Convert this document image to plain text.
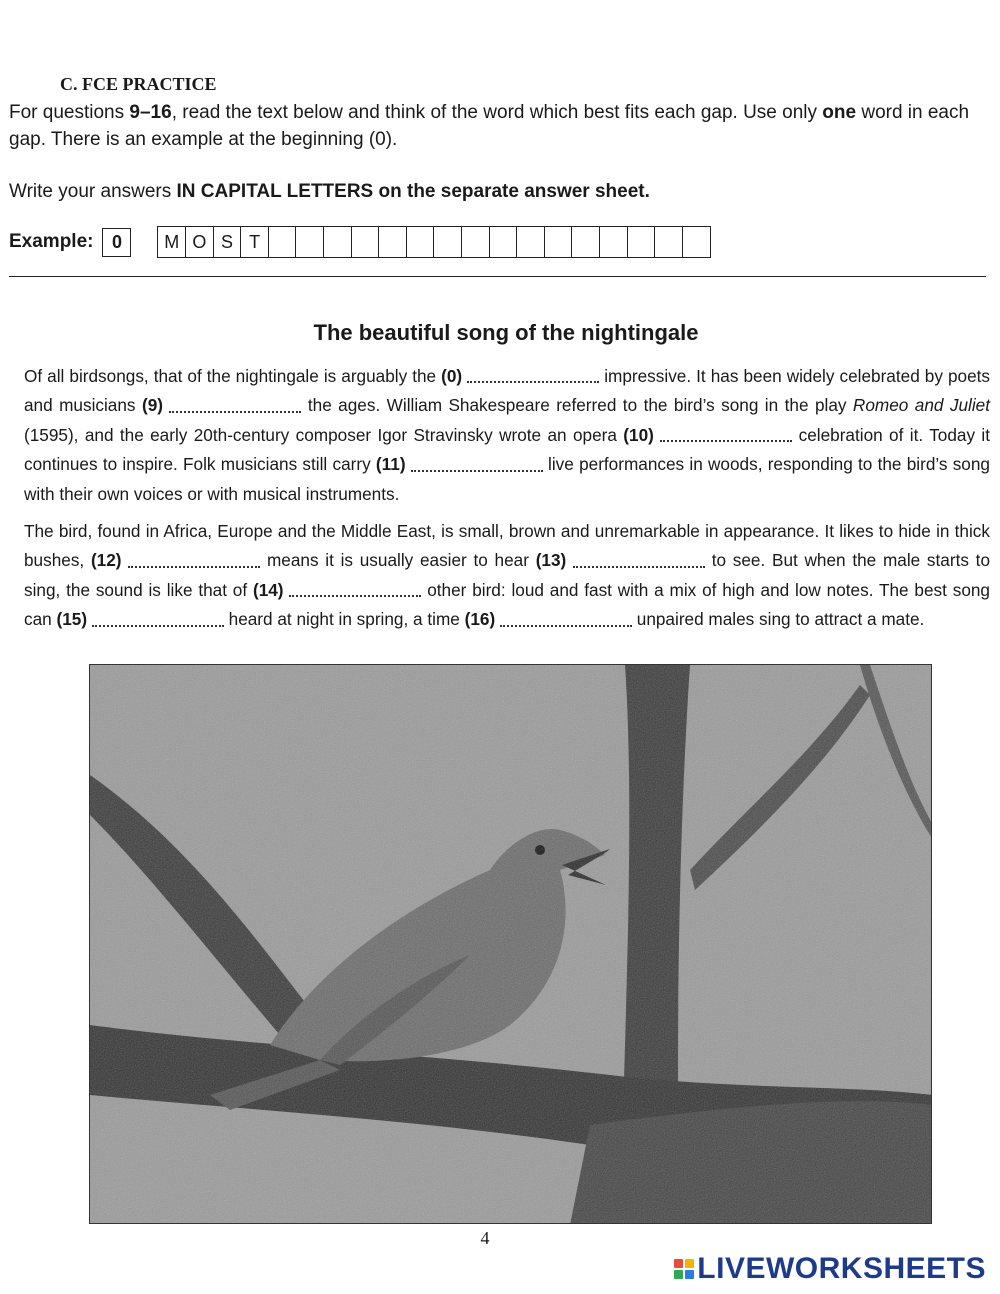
C. FCE PRACTICE
For questions 9–16, read the text below and think of the word which best fits each gap. Use only one word in each gap. There is an example at the beginning (0).
Write your answers IN CAPITAL LETTERS on the separate answer sheet.
Example:	0	M O S T
The beautiful song of the nightingale
Of all birdsongs, that of the nightingale is arguably the (0)	impressive. It has been widely celebrated by poets and musicians (9)	the ages. William Shakespeare referred to the bird’s song in the play Romeo and Juliet (1595), and the early 20th-century composer Igor Stravinsky wrote an opera (10)	celebration of it. Today it continues to inspire. Folk musicians still carry (11)	live performances in woods, responding to the bird’s song with their own voices or with musical instruments.
The bird, found in Africa, Europe and the Middle East, is small, brown and unremarkable in appearance. It likes to hide in thick bushes, (12)	means it is usually easier to hear (13)	to see. But when the male starts to sing, the sound is like that of (14)	other bird: loud and fast with a mix of high and low notes. The best song can (15)	heard at night in spring, a time (16)	unpaired males sing to attract a mate.
4
LIVEWORKSHEETS
